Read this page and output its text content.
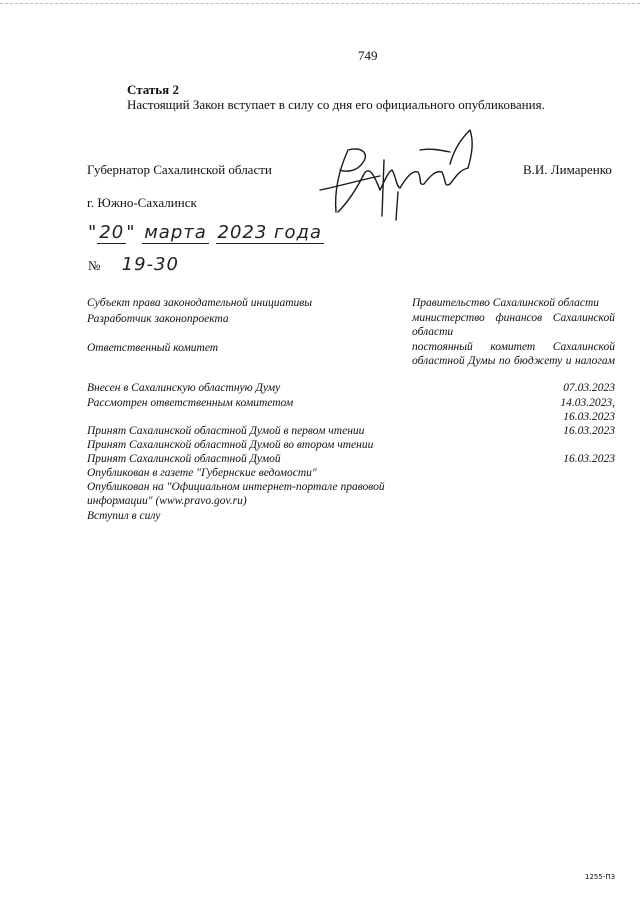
749
Статья 2
Настоящий Закон вступает в силу со дня его официального опубликования.
Губернатор Сахалинской области	В.И. Лимаренко
г. Южно-Сахалинск
" 20 " марта 2023 года
№ 19-30
Субъект права законодательной инициативы	Правительство Сахалинской области
Разработчик законопроекта	министерство финансов Сахалинской области
Ответственный комитет	постоянный комитет Сахалинской областной Думы по бюджету и налогам
Внесен в Сахалинскую областную Думу	07.03.2023
Рассмотрен ответственным комитетом	14.03.2023,
16.03.2023
Принят Сахалинской областной Думой в первом чтении	16.03.2023
Принят Сахалинской областной Думой во втором чтении
Принят Сахалинской областной Думой	16.03.2023
Опубликован в газете "Губернские ведомости"
Опубликован на "Официальном интернет-портале правовой информации" (www.pravo.gov.ru)
Вступил в силу
1255-ПЗ
